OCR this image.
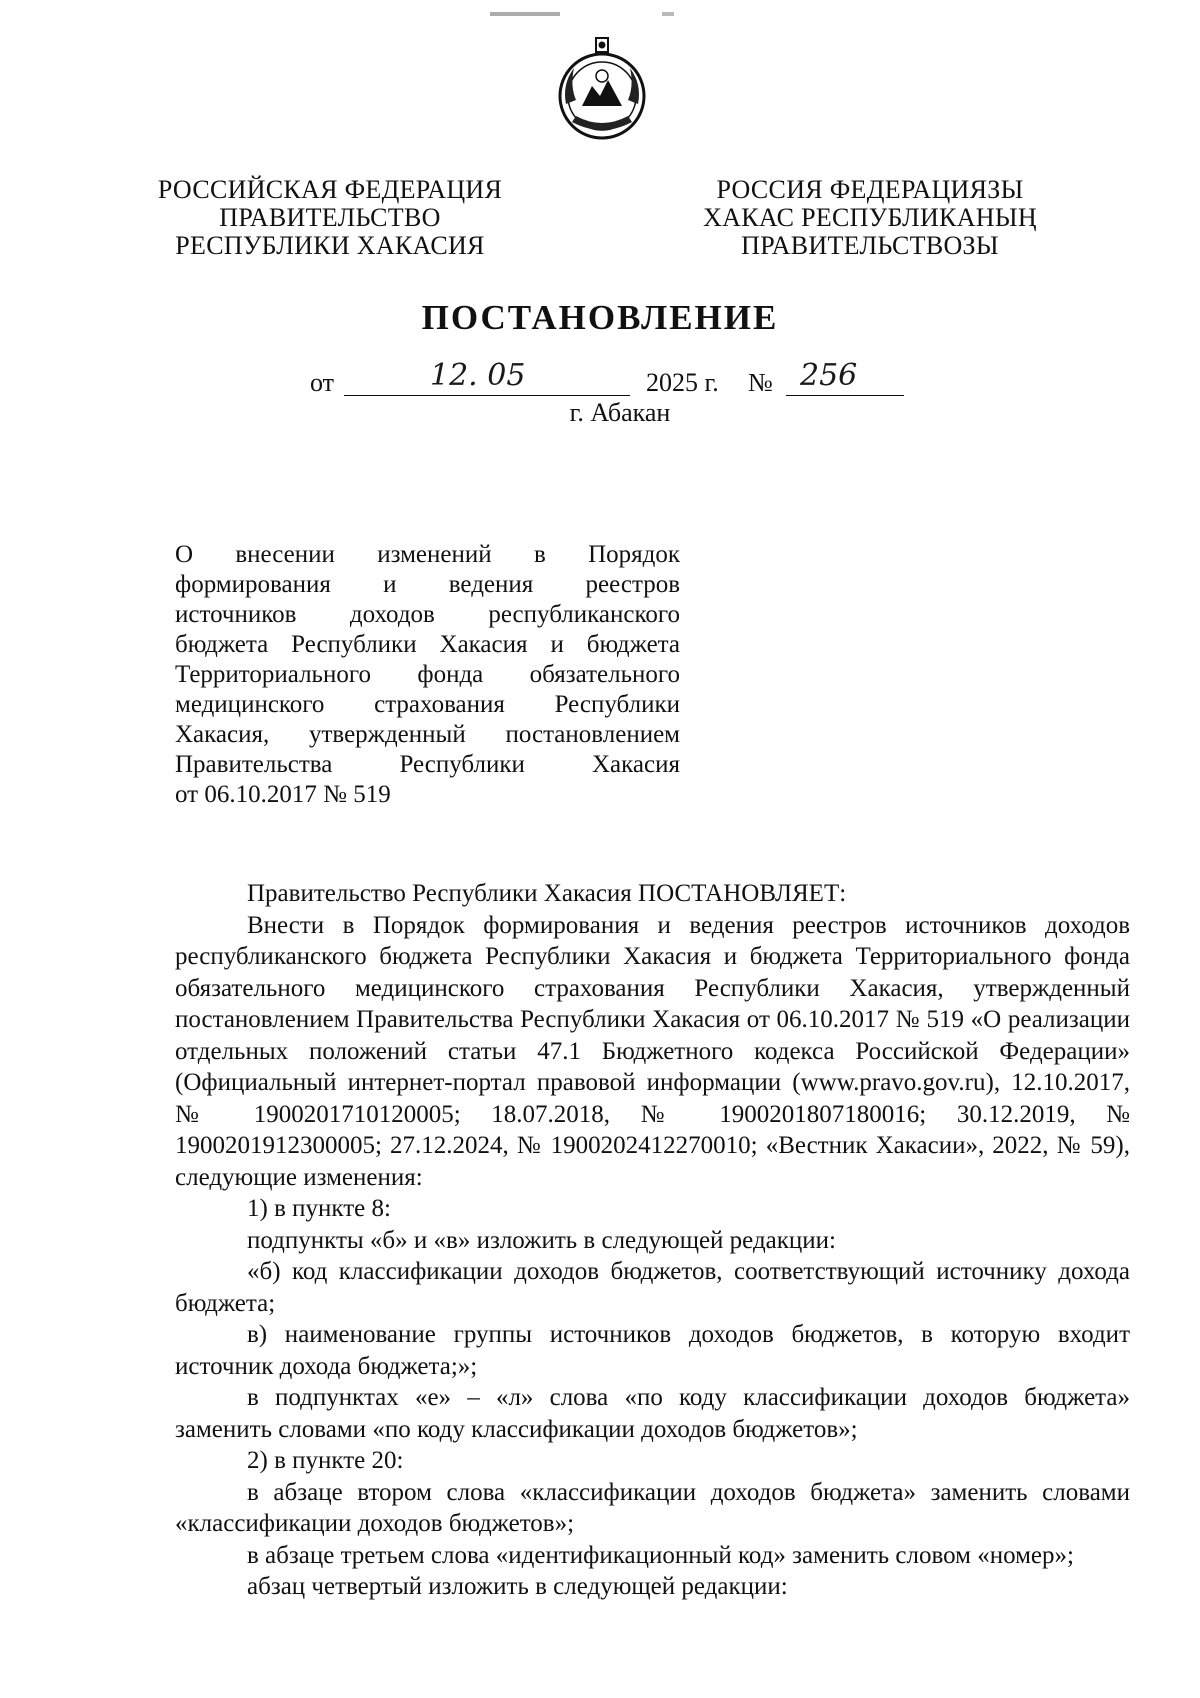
РОССИЙСКАЯ ФЕДЕРАЦИЯ
ПРАВИТЕЛЬСТВО
РЕСПУБЛИКИ ХАКАСИЯ
РОССИЯ ФЕДЕРАЦИЯЗЫ
ХАКАС РЕСПУБЛИКАНЫҢ
ПРАВИТЕЛЬСТВОЗЫ
ПОСТАНОВЛЕНИЕ
от	12. 05	2025 г. № 256
г. Абакан
О внесении изменений в Порядок
формирования и ведения реестров
источников доходов республиканского
бюджета Республики Хакасия и бюджета
Территориального фонда обязательного
медицинского страхования Республики
Хакасия, утвержденный постановлением
Правительства Республики Хакасия
от 06.10.2017 № 519

Правительство Республики Хакасия ПОСТАНОВЛЯЕТ:

Внести в Порядок формирования и ведения реестров источников доходов республиканского бюджета Республики Хакасия и бюджета Территориального фонда обязательного медицинского страхования Республики Хакасия, утвержденный постановлением Правительства Республики Хакасия от 06.10.2017 № 519 «О реализации отдельных положений статьи 47.1 Бюджетного кодекса Российской Федерации» (Официальный интернет-портал правовой информации (www.pravo.gov.ru), 12.10.2017, № 1900201710120005; 18.07.2018, № 1900201807180016; 30.12.2019, № 1900201912300005; 27.12.2024, № 1900202412270010; «Вестник Хакасии», 2022, № 59), следующие изменения:

1) в пункте 8:

подпункты «б» и «в» изложить в следующей редакции:

«б) код классификации доходов бюджетов, соответствующий источнику дохода бюджета;

в) наименование группы источников доходов бюджетов, в которую входит источник дохода бюджета;»;

в подпунктах «е» – «л» слова «по коду классификации доходов бюджета» заменить словами «по коду классификации доходов бюджетов»;

2) в пункте 20:

в абзаце втором слова «классификации доходов бюджета» заменить словами «классификации доходов бюджетов»;

в абзаце третьем слова «идентификационный код» заменить словом «номер»;

абзац четвертый изложить в следующей редакции:
